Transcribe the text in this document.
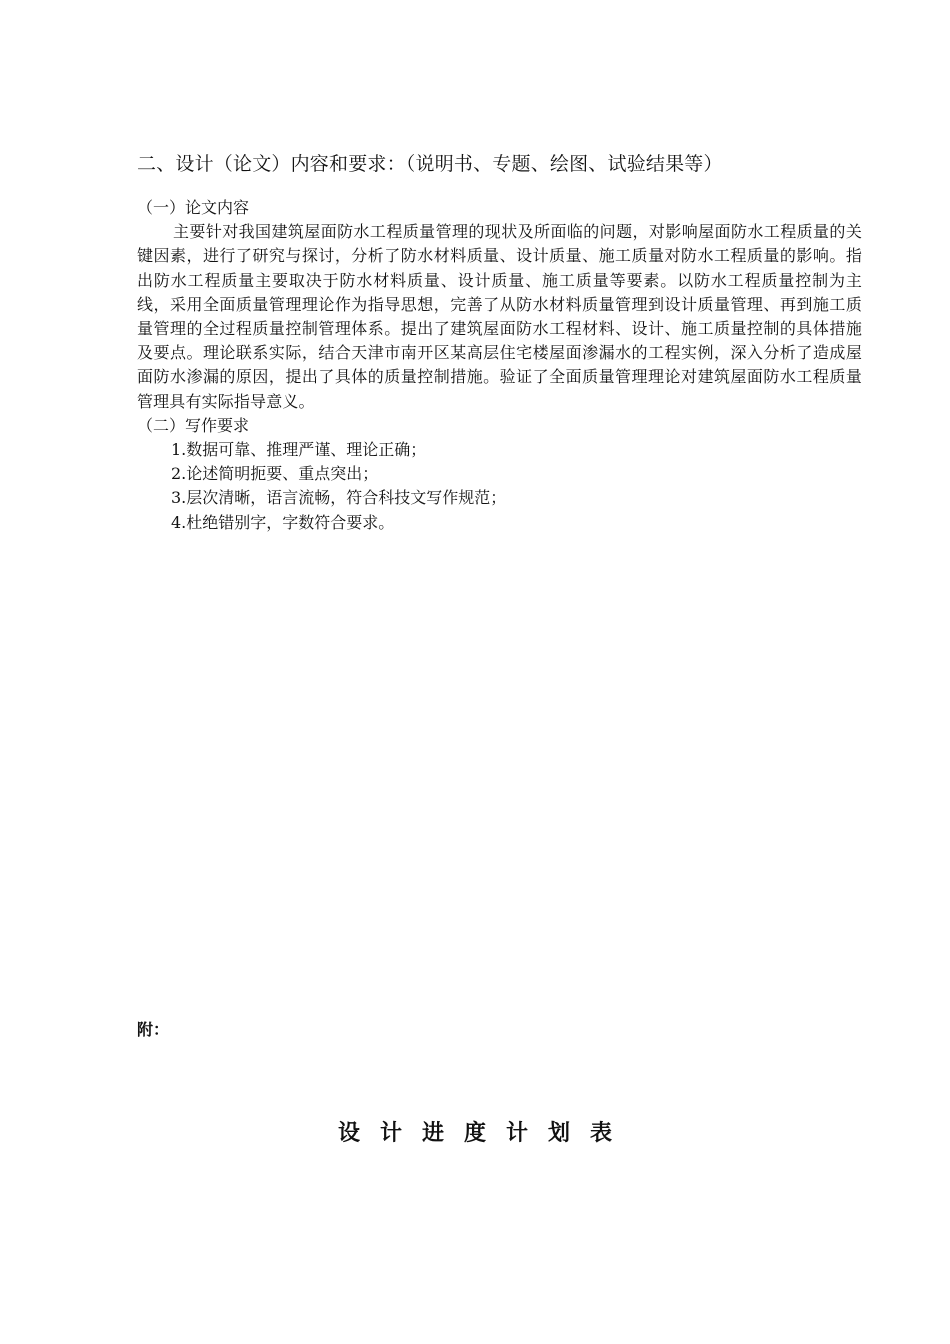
二、设计（论文）内容和要求：（说明书、专题、绘图、试验结果等）

（一）论文内容

主要针对我国建筑屋面防水工程质量管理的现状及所面临的问题，对影响屋面防水工程质量的关键因素，进行了研究与探讨，分析了防水材料质量、设计质量、施工质量对防水工程质量的影响。指出防水工程质量主要取决于防水材料质量、设计质量、施工质量等要素。以防水工程质量控制为主线，采用全面质量管理理论作为指导思想，完善了从防水材料质量管理到设计质量管理、再到施工质量管理的全过程质量控制管理体系。提出了建筑屋面防水工程材料、设计、施工质量控制的具体措施及要点。理论联系实际，结合天津市南开区某高层住宅楼屋面渗漏水的工程实例，深入分析了造成屋面防水渗漏的原因，提出了具体的质量控制措施。验证了全面质量管理理论对建筑屋面防水工程质量管理具有实际指导意义。

（二）写作要求

1.数据可靠、推理严谨、理论正确；
2.论述简明扼要、重点突出；
3.层次清晰，语言流畅，符合科技文写作规范；
4.杜绝错别字，字数符合要求。
附：
设计进度计划表
